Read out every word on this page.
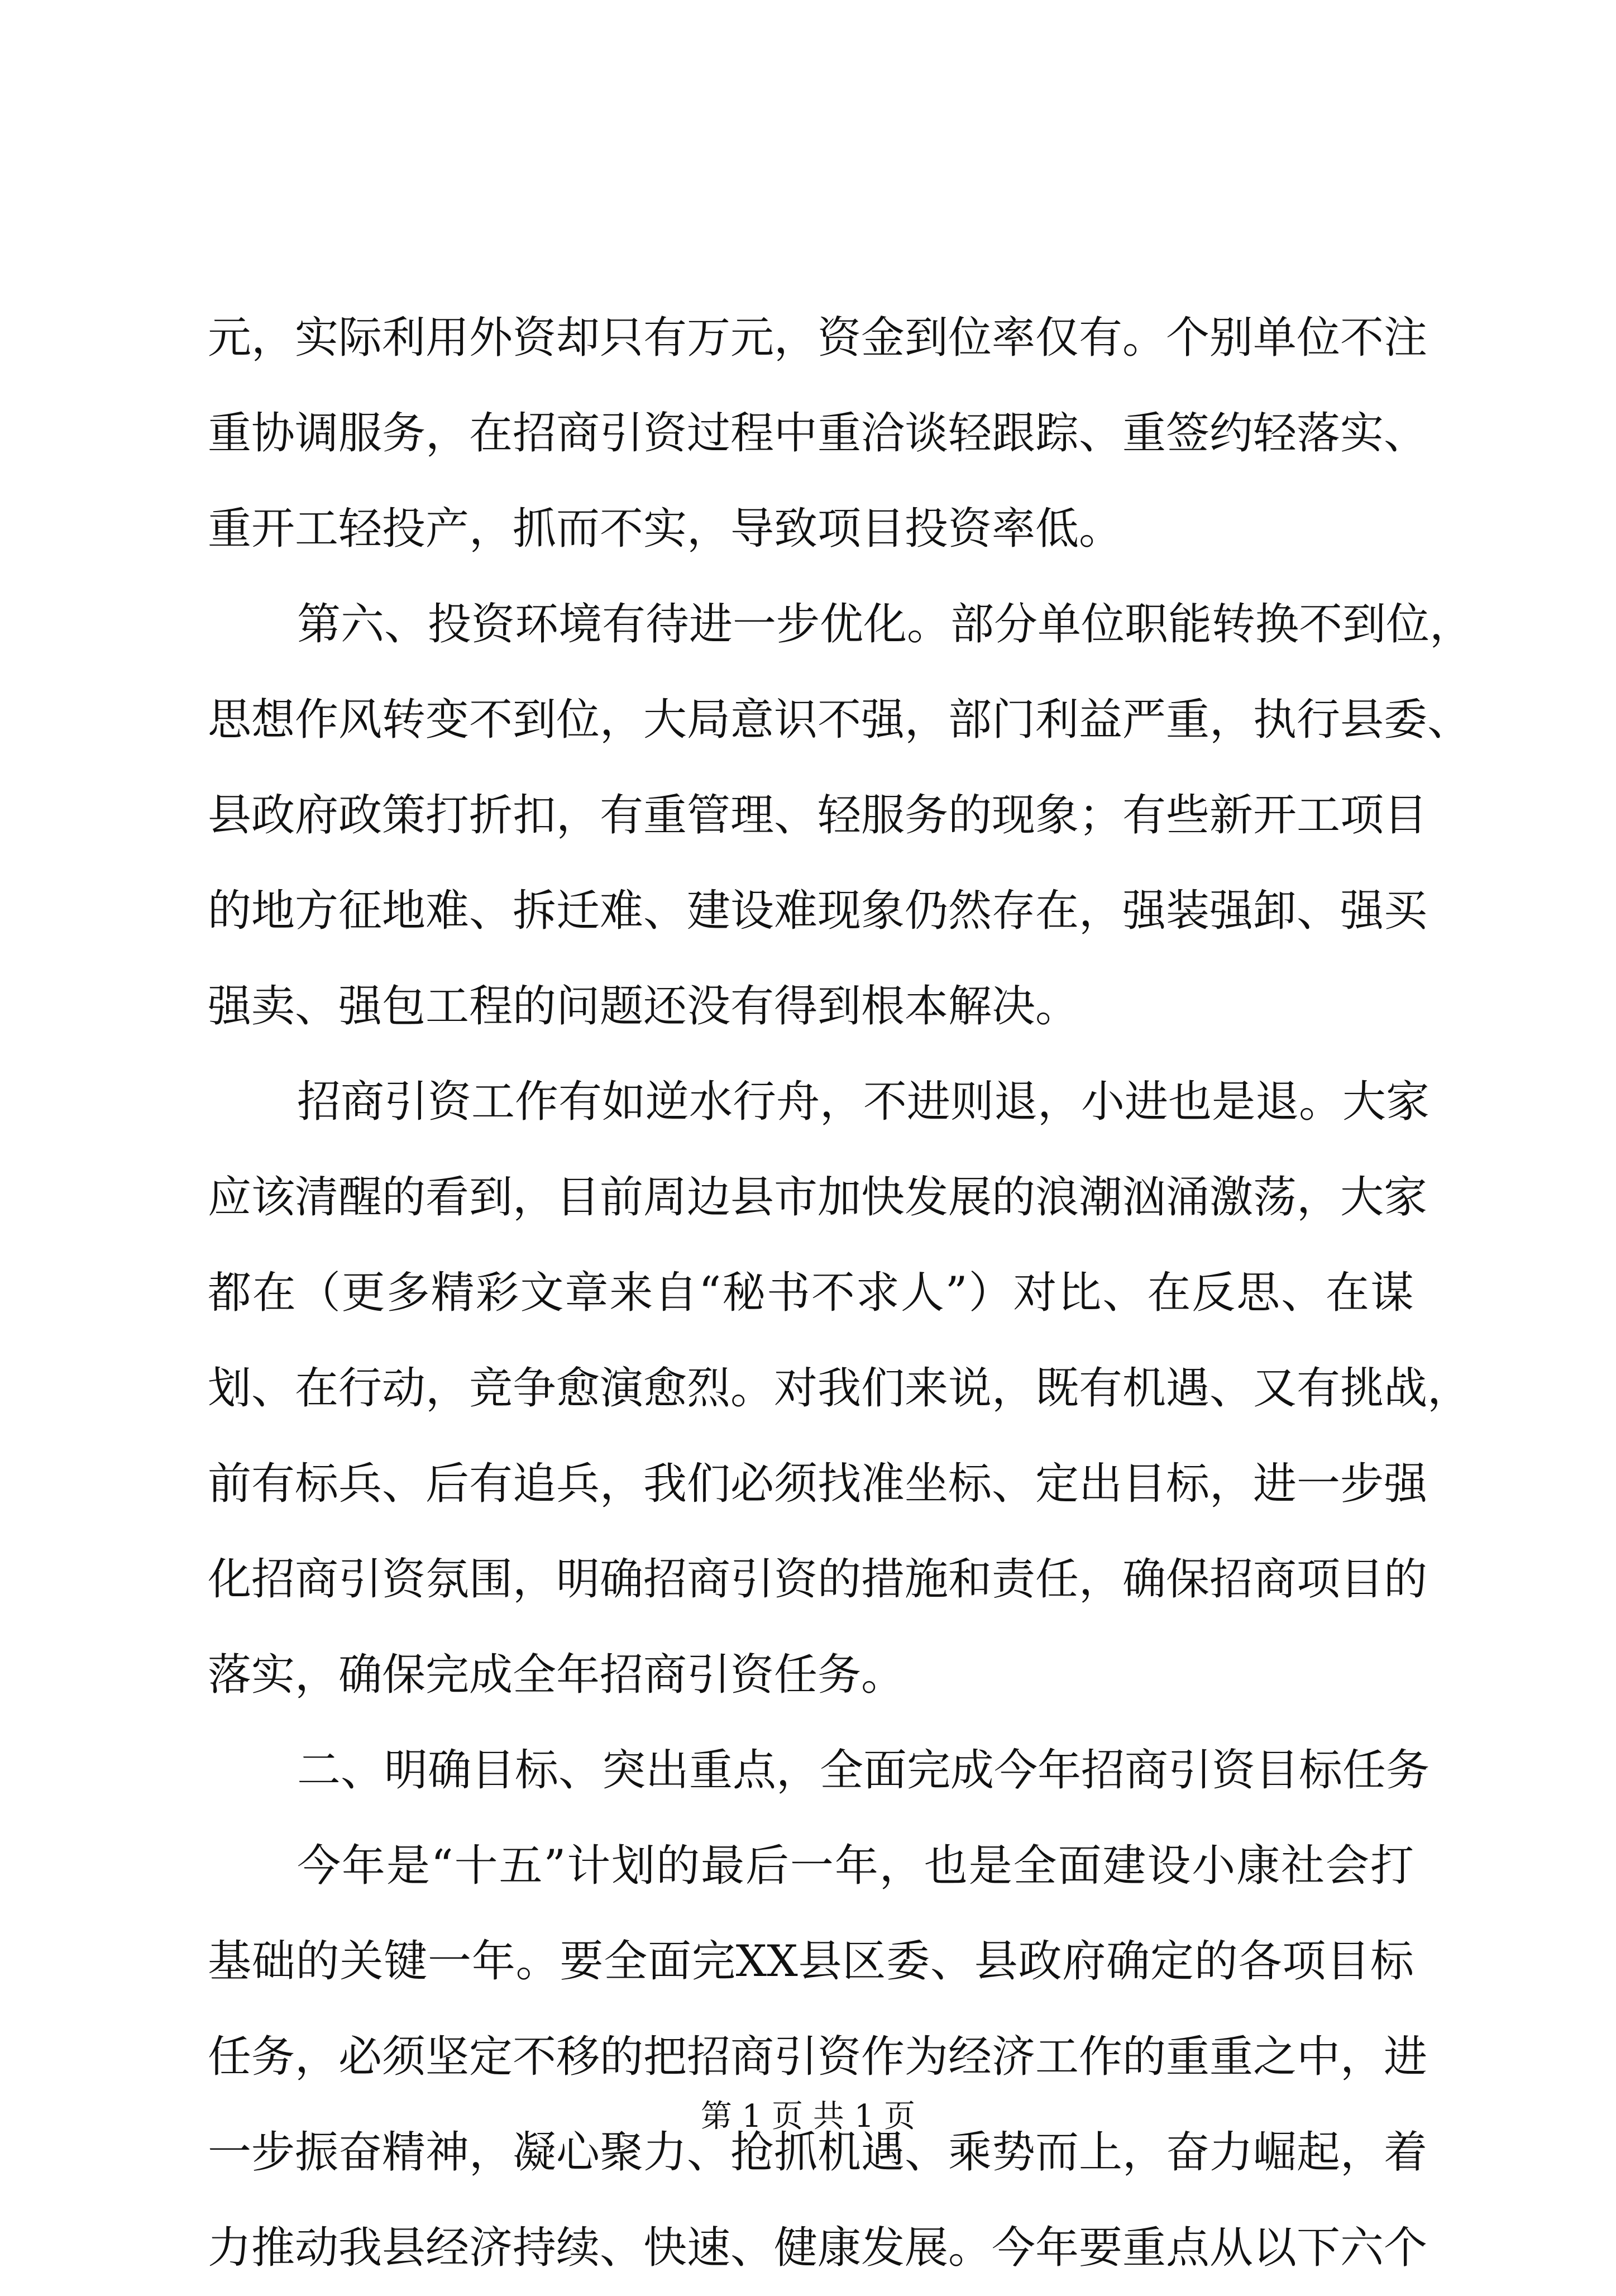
元，实际利用外资却只有万元，资金到位率仅有。个别单位不注
重协调服务，在招商引资过程中重洽谈轻跟踪、重签约轻落实、
重开工轻投产，抓而不实，导致项目投资率低。
第六、投资环境有待进一步优化。部分单位职能转换不到位，
思想作风转变不到位，大局意识不强，部门利益严重，执行县委、
县政府政策打折扣，有重管理、轻服务的现象；有些新开工项目
的地方征地难、拆迁难、建设难现象仍然存在，强装强卸、强买
强卖、强包工程的问题还没有得到根本解决。
招商引资工作有如逆水行舟，不进则退，小进也是退。大家
应该清醒的看到，目前周边县市加快发展的浪潮汹涌激荡，大家
都在（更多精彩文章来自“秘书不求人”）对比、在反思、在谋
划、在行动，竞争愈演愈烈。对我们来说，既有机遇、又有挑战，
前有标兵、后有追兵，我们必须找准坐标、定出目标，进一步强
化招商引资氛围，明确招商引资的措施和责任，确保招商项目的
落实，确保完成全年招商引资任务。
二、明确目标、突出重点，全面完成今年招商引资目标任务
今年是“十五”计划的最后一年，也是全面建设小康社会打
基础的关键一年。要全面完XX县区委、县政府确定的各项目标
任务，必须坚定不移的把招商引资作为经济工作的重重之中，进
一步振奋精神，凝心聚力、抢抓机遇、乘势而上，奋力崛起，着
力推动我县经济持续、快速、健康发展。今年要重点从以下六个
第 1 页 共 1 页
